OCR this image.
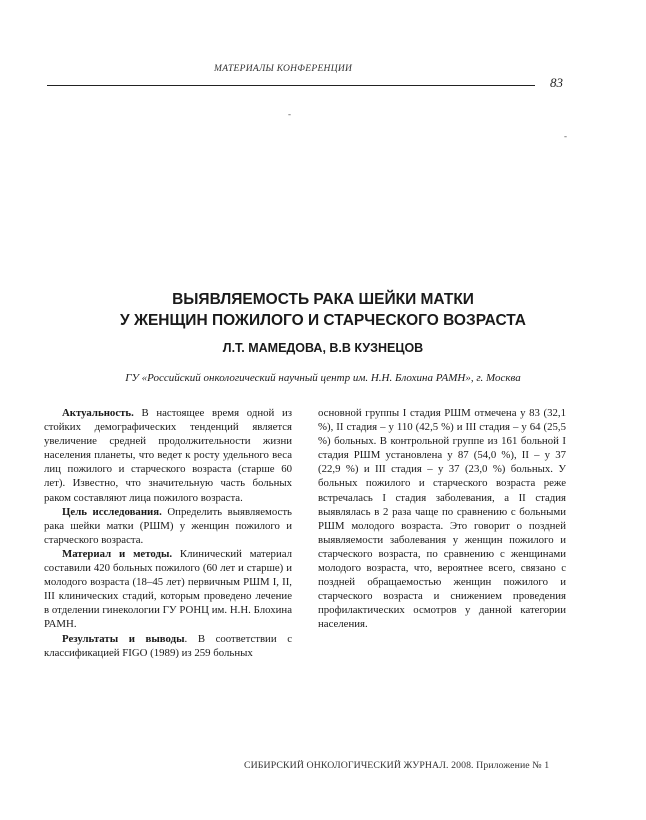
МАТЕРИАЛЫ КОНФЕРЕНЦИИ
83
-
-
ВЫЯВЛЯЕМОСТЬ РАКА ШЕЙКИ МАТКИ
У ЖЕНЩИН ПОЖИЛОГО И СТАРЧЕСКОГО ВОЗРАСТА
Л.Т. МАМЕДОВА, В.В КУЗНЕЦОВ
ГУ «Российский онкологический научный центр им. Н.Н. Блохина РАМН», г. Москва

Актуальность. В настоящее время одной из стойких демографических тенденций является увеличение средней продолжительности жизни населения планеты, что ведет к росту удельного веса лиц пожилого и старческого возраста (старше 60 лет). Известно, что значительную часть больных раком составляют лица пожилого возраста.

Цель исследования. Определить выявляемость рака шейки матки (РШМ) у женщин пожилого и старческого возраста.

Материал и методы. Клинический материал составили 420 больных пожилого (60 лет и старше) и молодого возраста (18–45 лет) первичным РШМ I, II, III клинических стадий, которым проведено лечение в отделении гинекологии ГУ РОНЦ им. Н.Н. Блохина РАМН.

Результаты и выводы. В соответствии с классификацией FIGO (1989) из 259 больных

основной группы I стадия РШМ отмечена у 83 (32,1 %), II стадия – у 110 (42,5 %) и III стадия – у 64 (25,5 %) больных. В контрольной группе из 161 больной I стадия РШМ установлена у 87 (54,0 %), II – у 37 (22,9 %) и III стадия – у 37 (23,0 %) больных. У больных пожилого и старческого возраста реже встречалась I стадия заболевания, а II стадия выявлялась в 2 раза чаще по сравнению с больными РШМ молодого возраста. Это говорит о поздней выявляемости заболевания у женщин пожилого и старческого возраста, по сравнению с женщинами молодого возраста, что, вероятнее всего, связано с поздней обращаемостью женщин пожилого и старческого возраста и снижением проведения профилактических осмотров у данной категории населения.

СИБИРСКИЙ ОНКОЛОГИЧЕСКИЙ ЖУРНАЛ. 2008. Приложение № 1
